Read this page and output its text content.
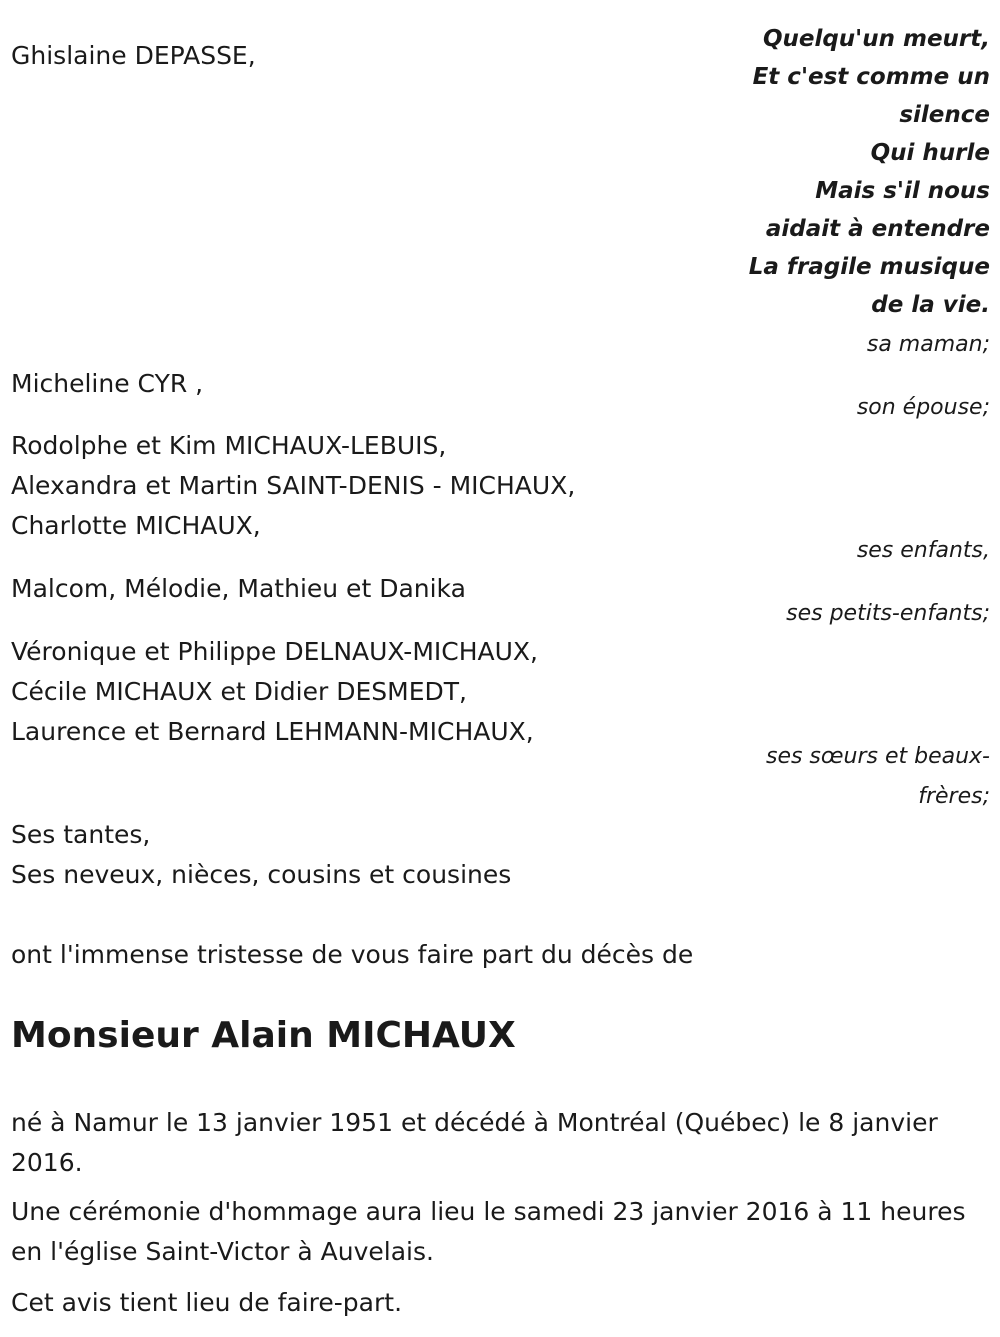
Ghislaine DEPASSE,
Quelqu'un meurt,
Et c'est comme un
silence
Qui hurle
Mais s'il nous
aidait à entendre
La fragile musique
de la vie.
sa maman;
Micheline CYR ,
son épouse;
Rodolphe et Kim MICHAUX-LEBUIS,
Alexandra et Martin SAINT-DENIS - MICHAUX,
Charlotte MICHAUX,
ses enfants,
Malcom, Mélodie, Mathieu et Danika
ses petits-enfants;
Véronique et Philippe DELNAUX-MICHAUX,
Cécile MICHAUX et Didier DESMEDT,
Laurence et Bernard LEHMANN-MICHAUX,
ses sœurs et beaux-
frères;
Ses tantes,
Ses neveux, nièces, cousins et cousines
ont l'immense tristesse de vous faire part du décès de
Monsieur Alain MICHAUX
né à Namur le 13 janvier 1951 et décédé à Montréal (Québec) le 8 janvier 2016.
Une cérémonie d'hommage aura lieu le samedi 23 janvier 2016 à 11 heures en l'église Saint-Victor à Auvelais.
Cet avis tient lieu de faire-part.
